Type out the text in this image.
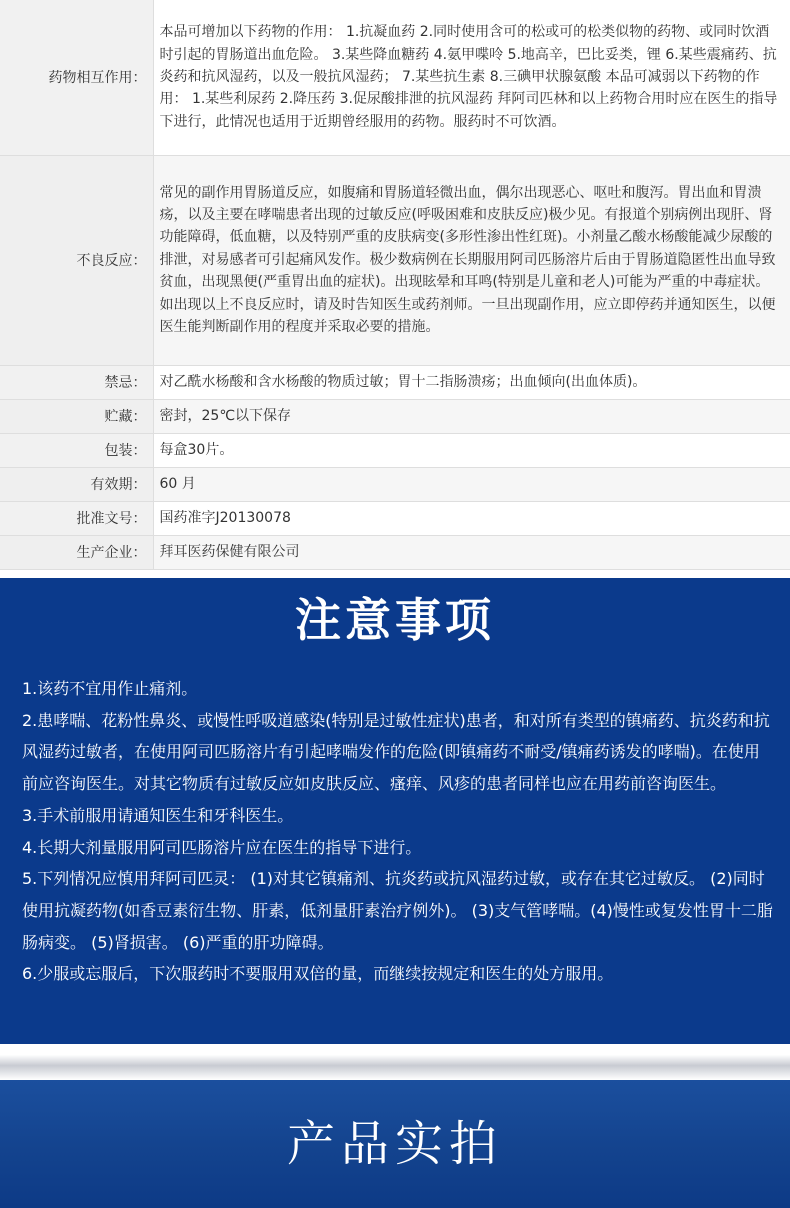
药物相互作用：	本品可增加以下药物的作用： 1.抗凝血药 2.同时使用含可的松或可的松类似物的药物、或同时饮酒时引起的胃肠道出血危险。 3.某些降血糖药 4.氨甲喋呤 5.地高辛，巴比妥类，锂 6.某些震痛药、抗炎药和抗风湿药，以及一般抗风湿药； 7.某些抗生素 8.三碘甲状腺氨酸 本品可减弱以下药物的作用： 1.某些利尿药 2.降压药 3.促尿酸排泄的抗风湿药 拜阿司匹林和以上药物合用时应在医生的指导下进行，此情况也适用于近期曾经服用的药物。服药时不可饮酒。
不良反应：	常见的副作用胃肠道反应，如腹痛和胃肠道轻微出血，偶尔出现恶心、呕吐和腹泻。胃出血和胃溃疡，以及主要在哮喘患者出现的过敏反应(呼吸困难和皮肤反应)极少见。有报道个别病例出现肝、肾功能障碍，低血糖，以及特别严重的皮肤病变(多形性渗出性红斑)。小剂量乙酸水杨酸能减少尿酸的排泄，对易感者可引起痛风发作。极少数病例在长期服用阿司匹肠溶片后由于胃肠道隐匿性出血导致贫血，出现黑便(严重胃出血的症状)。出现眩晕和耳鸣(特别是儿童和老人)可能为严重的中毒症状。 如出现以上不良反应时，请及时告知医生或药剂师。一旦出现副作用，应立即停药并通知医生，以便医生能判断副作用的程度并采取必要的措施。
禁忌：	对乙酰水杨酸和含水杨酸的物质过敏；胃十二指肠溃疡；出血倾向(出血体质)。
贮藏：	密封，25℃以下保存
包装：	每盒30片。
有效期：	60 月
批准文号：	国药准字J20130078
生产企业：	拜耳医药保健有限公司
注意事项

1.该药不宜用作止痛剂。

2.患哮喘、花粉性鼻炎、或慢性呼吸道感染(特别是过敏性症状)患者，和对所有类型的镇痛药、抗炎药和抗风湿药过敏者，在使用阿司匹肠溶片有引起哮喘发作的危险(即镇痛药不耐受/镇痛药诱发的哮喘)。在使用前应咨询医生。对其它物质有过敏反应如皮肤反应、瘙痒、风疹的患者同样也应在用药前咨询医生。

3.手术前服用请通知医生和牙科医生。

4.长期大剂量服用阿司匹肠溶片应在医生的指导下进行。

5.下列情况应慎用拜阿司匹灵： (1)对其它镇痛剂、抗炎药或抗风湿药过敏，或存在其它过敏反。 (2)同时使用抗凝药物(如香豆素衍生物、肝素，低剂量肝素治疗例外)。 (3)支气管哮喘。(4)慢性或复发性胃十二脂肠病变。 (5)肾损害。 (6)严重的肝功障碍。

6.少服或忘服后，下次服药时不要服用双倍的量，而继续按规定和医生的处方服用。

产品实拍
